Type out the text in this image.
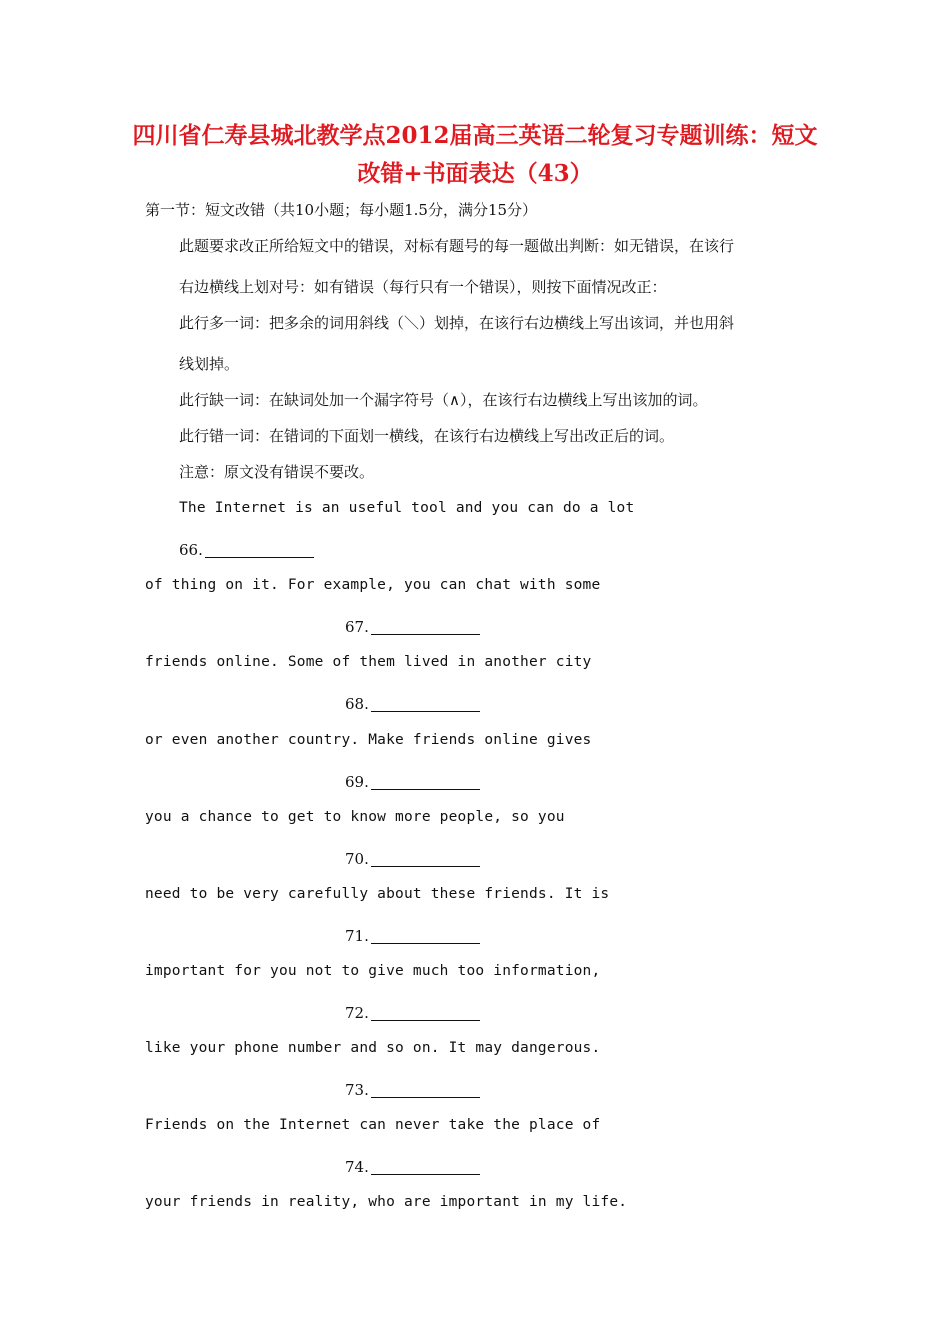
四川省仁寿县城北教学点2012届高三英语二轮复习专题训练：短文
改错+书面表达（43）

第一节：短文改错（共10小题；每小题1.5分，满分15分）

此题要求改正所给短文中的错误，对标有题号的每一题做出判断：如无错误，在该行

右边横线上划对号：如有错误（每行只有一个错误），则按下面情况改正：

此行多一词：把多余的词用斜线（＼）划掉，在该行右边横线上写出该词，并也用斜

线划掉。

此行缺一词：在缺词处加一个漏字符号（∧），在该行右边横线上写出该加的词。

此行错一词：在错词的下面划一横线，在该行右边横线上写出改正后的词。

注意：原文没有错误不要改。

The Internet is an useful tool and you can do a lot

66.

of thing on it. For example, you can chat with some

67.

friends online. Some of them lived in another city

68.

or even another country. Make friends online gives

69.

you a chance to get to know more people, so you

70.

need to be very carefully about these friends. It is

71.

important for you not to give much too information,

72.

like your phone number and so on. It may dangerous.

73.

Friends on the Internet can never take the place of

74.

your friends in reality, who are important in my life.
